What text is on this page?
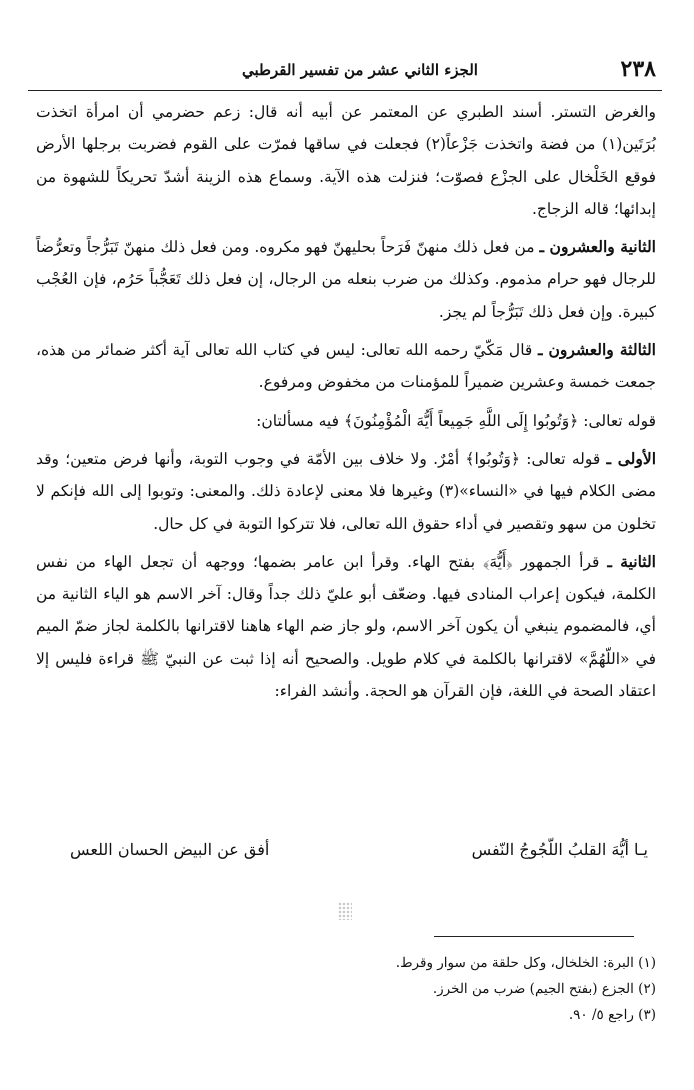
٢٣٨
الجزء الثاني عشر من تفسير القرطبي

والغرض التستر. أسند الطبري عن المعتمر عن أبيه أنه قال: زعم حضرمي أن امرأة اتخذت بُرَتَين(١) من فضة واتخذت جَزْعاً(٢) فجعلت في ساقها فمرّت على القوم فضربت برجلها الأرض فوقع الخَلْخال على الجزْع فصوّت؛ فنزلت هذه الآية. وسماع هذه الزينة أشدّ تحريكاً للشهوة من إبدائها؛ قاله الزجاج.

الثانية والعشرون ـ من فعل ذلك منهنّ فَرَحاً بحليهنّ فهو مكروه. ومن فعل ذلك منهنّ تَبَرُّجاً وتعرُّضاً للرجال فهو حرام مذموم. وكذلك من ضرب بنعله من الرجال، إن فعل ذلك تَعَجُّباً حَرُم، فإن العُجْب كبيرة. وإن فعل ذلك تَبَرُّجاً لم يجز.

الثالثة والعشرون ـ قال مَكّيّ رحمه الله تعالى: ليس في كتاب الله تعالى آية أكثر ضمائر من هذه، جمعت خمسة وعشرين ضميراً للمؤمنات من مخفوض ومرفوع.

قوله تعالى: ﴿وَتُوبُوا إِلَى اللَّهِ جَمِيعاً أَيُّهَ الْمُؤْمِنُونَ﴾ فيه مسألتان:

الأولى ـ قوله تعالى: ﴿وَتُوبُوا﴾ أمْرٌ. ولا خلاف بين الأمّة في وجوب التوبة، وأنها فرض متعين؛ وقد مضى الكلام فيها في «النساء»(٣) وغيرها فلا معنى لإعادة ذلك. والمعنى: وتوبوا إلى الله فإنكم لا تخلون من سهو وتقصير في أداء حقوق الله تعالى، فلا تتركوا التوبة في كل حال.

الثانية ـ قرأ الجمهور ﴿أَيُّهَ﴾ بفتح الهاء. وقرأ ابن عامر بضمها؛ ووجهه أن تجعل الهاء من نفس الكلمة، فيكون إعراب المنادى فيها. وضعّف أبو عليّ ذلك جداً وقال: آخر الاسم هو الياء الثانية من أي، فالمضموم ينبغي أن يكون آخر الاسم، ولو جاز ضم الهاء هاهنا لاقترانها بالكلمة لجاز ضمّ الميم في «اللّهُمَّ» لاقترانها بالكلمة في كلام طويل. والصحيح أنه إذا ثبت عن النبيّ ﷺ قراءة فليس إلا اعتقاد الصحة في اللغة، فإن القرآن هو الحجة. وأنشد الفراء:

يـا أيُّهَ القلبُ اللّجُوجُ النّفس
أفق عن البيض الحسان اللعس
(١) البرة: الخلخال، وكل حلقة من سوار وقرط.
(٢) الجزع (بفتح الجيم) ضرب من الخرز.
(٣) راجع ٥/ ٩٠.
